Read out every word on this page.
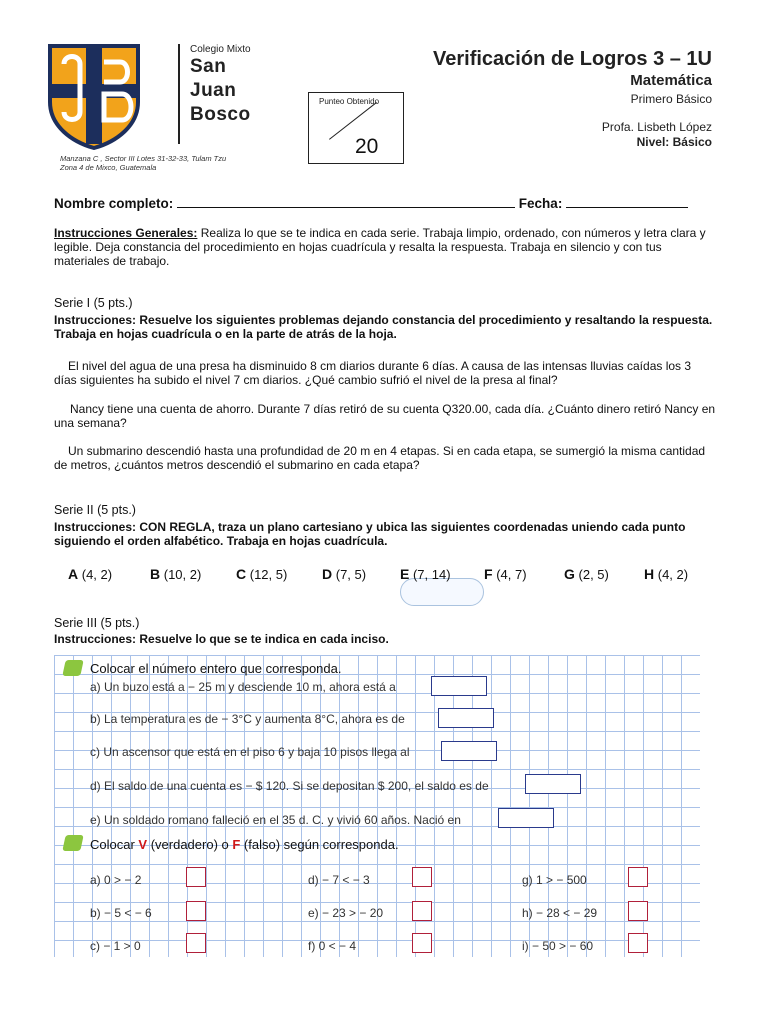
Colegio Mixto
San
Juan
Bosco
Manzana C , Sector III Lotes 31-32-33, Tulam Tzu
Zona 4 de Mixco, Guatemala
Punteo Obtenido
20
Verificación de Logros 3 – 1U
Matemática
Primero Básico
Profa. Lisbeth López
Nivel: Básico
Nombre completo:	Fecha:
Instrucciones Generales: Realiza lo que se te indica en cada serie. Trabaja limpio, ordenado, con números y letra clara y legible. Deja constancia del procedimiento en hojas cuadrícula y resalta la respuesta. Trabaja en silencio y con tus materiales de trabajo.
Serie I (5 pts.)
Instrucciones: Resuelve los siguientes problemas dejando constancia del procedimiento y resaltando la respuesta. Trabaja en hojas cuadrícula o en la parte de atrás de la hoja.
El nivel del agua de una presa ha disminuido 8 cm diarios durante 6 días. A causa de las intensas lluvias caídas los 3 días siguientes ha subido el nivel 7 cm diarios. ¿Qué cambio sufrió el nivel de la presa al final?
Nancy tiene una cuenta de ahorro. Durante 7 días retiró de su cuenta Q320.00, cada día. ¿Cuánto dinero retiró Nancy en una semana?
Un submarino descendió hasta una profundidad de 20 m en 4 etapas. Si en cada etapa, se sumergió la misma cantidad de metros, ¿cuántos metros descendió el submarino en cada etapa?
Serie II (5 pts.)
Instrucciones: CON REGLA, traza un plano cartesiano y ubica las siguientes coordenadas uniendo cada punto siguiendo el orden alfabético. Trabaja en hojas cuadrícula.
A (4, 2)	B (10, 2) C (12, 5) D (7, 5) E (7, 14) F (4, 7)	G (2, 5)	H (4, 2)
Serie III (5 pts.)
Instrucciones: Resuelve lo que se te indica en cada inciso.
Colocar el número entero que corresponda.
a) Un buzo está a − 25 m y desciende 10 m, ahora está a
b) La temperatura es de − 3°C y aumenta 8°C, ahora es de
c) Un ascensor que está en el piso 6 y baja 10 pisos llega al
d) El saldo de una cuenta es − $ 120. Si se depositan $ 200, el saldo es de
e) Un soldado romano falleció en el 35 d. C. y vivió 60 años. Nació en
Colocar V (verdadero) o F (falso) según corresponda.
a) 0 > − 2	d) − 7 < − 3	g) 1 > − 500
b) − 5 < − 6	e) − 23 > − 20	h) − 28 < − 29
c) − 1 > 0	f) 0 < − 4	i) − 50 > − 60
